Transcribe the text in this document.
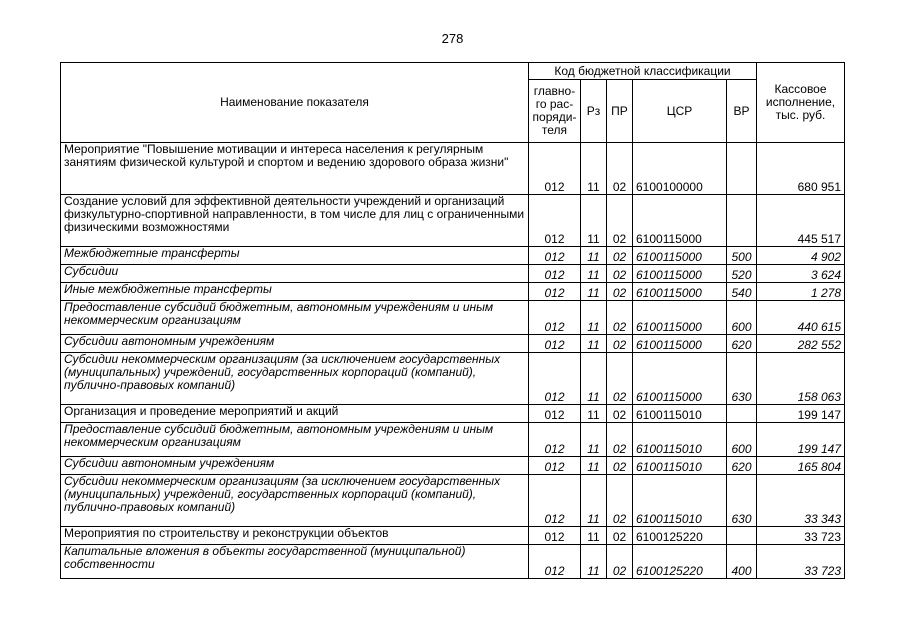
278
Наименование показателя	Код бюджетной классификации					Кассовое исполнение, тыс. руб.
	главно-го рас-поряди-теля	Рз	ПР	ЦСР	ВР	
Мероприятие "Повышение мотивации и интереса населения к регулярным занятиям физической культурой и спортом и ведению здорового образа жизни"	012	11	02	6100100000		680 951
Создание условий для эффективной деятельности учреждений и организаций физкультурно-спортивной направленности, в том числе для лиц с ограниченными физическими возможностями	012	11	02	6100115000		445 517
Межбюджетные трансферты	012	11	02	6100115000	500	4 902
Субсидии	012	11	02	6100115000	520	3 624
Иные межбюджетные трансферты	012	11	02	6100115000	540	1 278
Предоставление субсидий бюджетным, автономным учреждениям и иным некоммерческим организациям	012	11	02	6100115000	600	440 615
Субсидии автономным учреждениям	012	11	02	6100115000	620	282 552
Субсидии некоммерческим организациям (за исключением государственных (муниципальных) учреждений, государственных корпораций (компаний), публично-правовых компаний)	012	11	02	6100115000	630	158 063
Организация и проведение мероприятий и акций	012	11	02	6100115010		199 147
Предоставление субсидий бюджетным, автономным учреждениям и иным некоммерческим организациям	012	11	02	6100115010	600	199 147
Субсидии автономным учреждениям	012	11	02	6100115010	620	165 804
Субсидии некоммерческим организациям (за исключением государственных (муниципальных) учреждений, государственных корпораций (компаний), публично-правовых компаний)	012	11	02	6100115010	630	33 343
Мероприятия по строительству и реконструкции объектов	012	11	02	6100125220		33 723
Капитальные вложения в объекты государственной (муниципальной) собственности	012	11	02	6100125220	400	33 723
